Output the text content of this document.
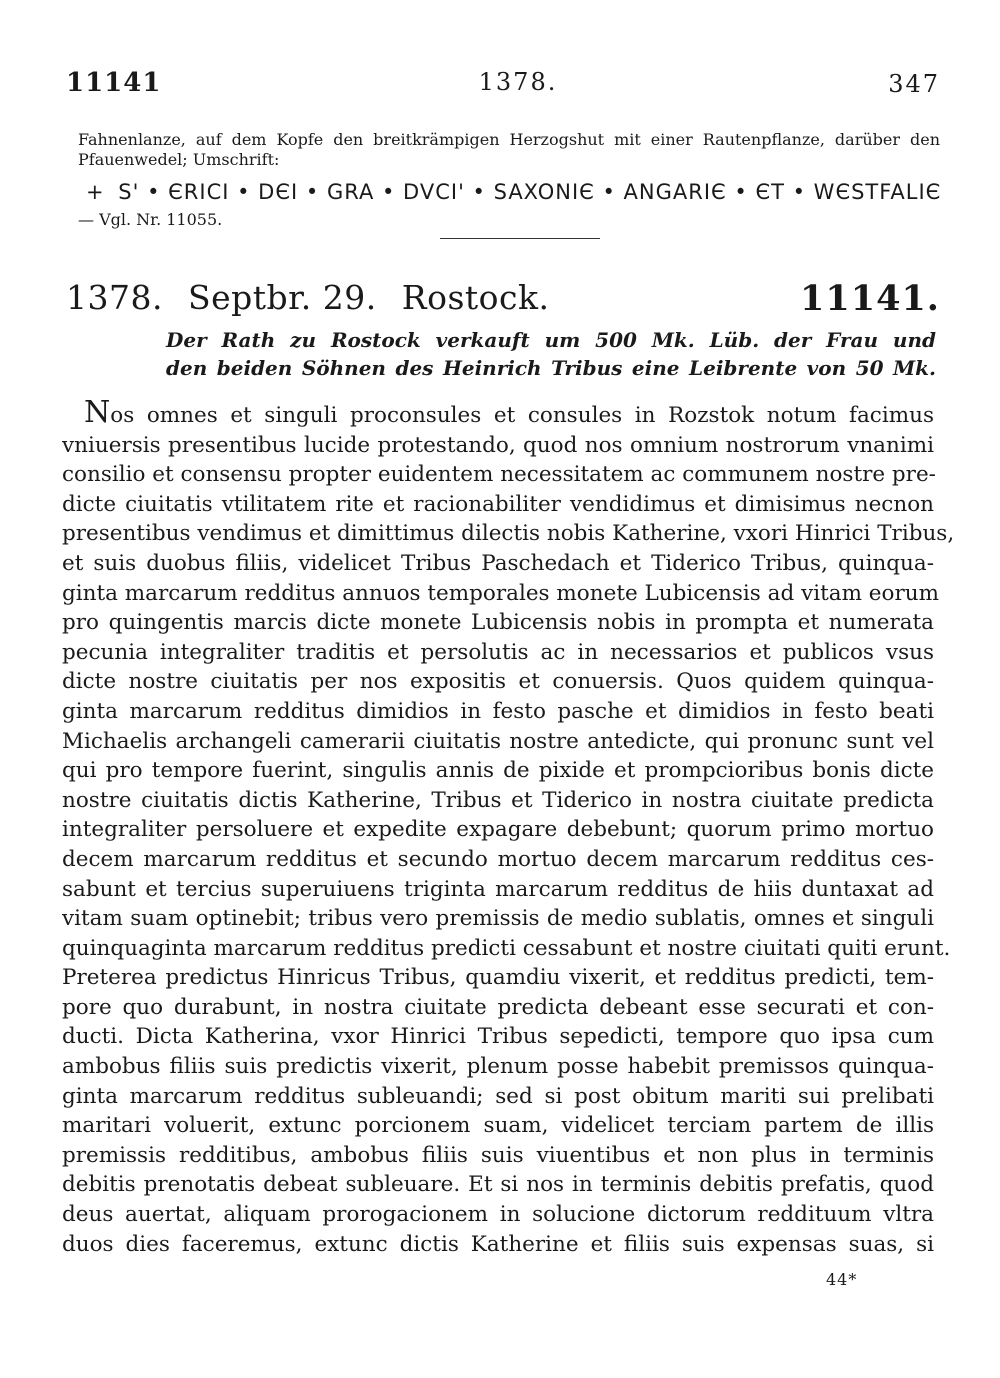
11141	1378.	347

Fahnenlanze, auf dem Kopfe den breitkrämpigen Herzogshut mit einer Rautenpflanze, darüber den
Pfauenwedel; Umschrift:

+ S' • ЄRICI • DЄI • GRA • DVCI' • SAXONIЄ • ANGARIЄ • ЄT • WЄSTFALIЄ
— Vgl. Nr. 11055.
1378. Septbr. 29. Rostock.	11141.
Der Rath zu Rostock verkauft um 500 Mk. Lüb. der Frau und
den beiden Söhnen des Heinrich Tribus eine Leibrente von 50 Mk.
Nos omnes et singuli proconsules et consules in Rozstok notum facimus
vniuersis presentibus lucide protestando, quod nos omnium nostrorum vnanimi
consilio et consensu propter euidentem necessitatem ac communem nostre pre-
dicte ciuitatis vtilitatem rite et racionabiliter vendidimus et dimisimus necnon
presentibus vendimus et dimittimus dilectis nobis Katherine, vxori Hinrici Tribus,
et suis duobus filiis, videlicet Tribus Paschedach et Tiderico Tribus, quinqua-
ginta marcarum redditus annuos temporales monete Lubicensis ad vitam eorum
pro quingentis marcis dicte monete Lubicensis nobis in prompta et numerata
pecunia integraliter traditis et persolutis ac in necessarios et publicos vsus
dicte nostre ciuitatis per nos expositis et conuersis. Quos quidem quinqua-
ginta marcarum redditus dimidios in festo pasche et dimidios in festo beati
Michaelis archangeli camerarii ciuitatis nostre antedicte, qui pronunc sunt vel
qui pro tempore fuerint, singulis annis de pixide et prompcioribus bonis dicte
nostre ciuitatis dictis Katherine, Tribus et Tiderico in nostra ciuitate predicta
integraliter persoluere et expedite expagare debebunt; quorum primo mortuo
decem marcarum redditus et secundo mortuo decem marcarum redditus ces-
sabunt et tercius superuiuens triginta marcarum redditus de hiis duntaxat ad
vitam suam optinebit; tribus vero premissis de medio sublatis, omnes et singuli
quinquaginta marcarum redditus predicti cessabunt et nostre ciuitati quiti erunt.
Preterea predictus Hinricus Tribus, quamdiu vixerit, et redditus predicti, tem-
pore quo durabunt, in nostra ciuitate predicta debeant esse securati et con-
ducti. Dicta Katherina, vxor Hinrici Tribus sepedicti, tempore quo ipsa cum
ambobus filiis suis predictis vixerit, plenum posse habebit premissos quinqua-
ginta marcarum redditus subleuandi; sed si post obitum mariti sui prelibati
maritari voluerit, extunc porcionem suam, videlicet terciam partem de illis
premissis redditibus, ambobus filiis suis viuentibus et non plus in terminis
debitis prenotatis debeat subleuare. Et si nos in terminis debitis prefatis, quod
deus auertat, aliquam prorogacionem in solucione dictorum reddituum vltra
duos dies faceremus, extunc dictis Katherine et filiis suis expensas suas, si
44*
